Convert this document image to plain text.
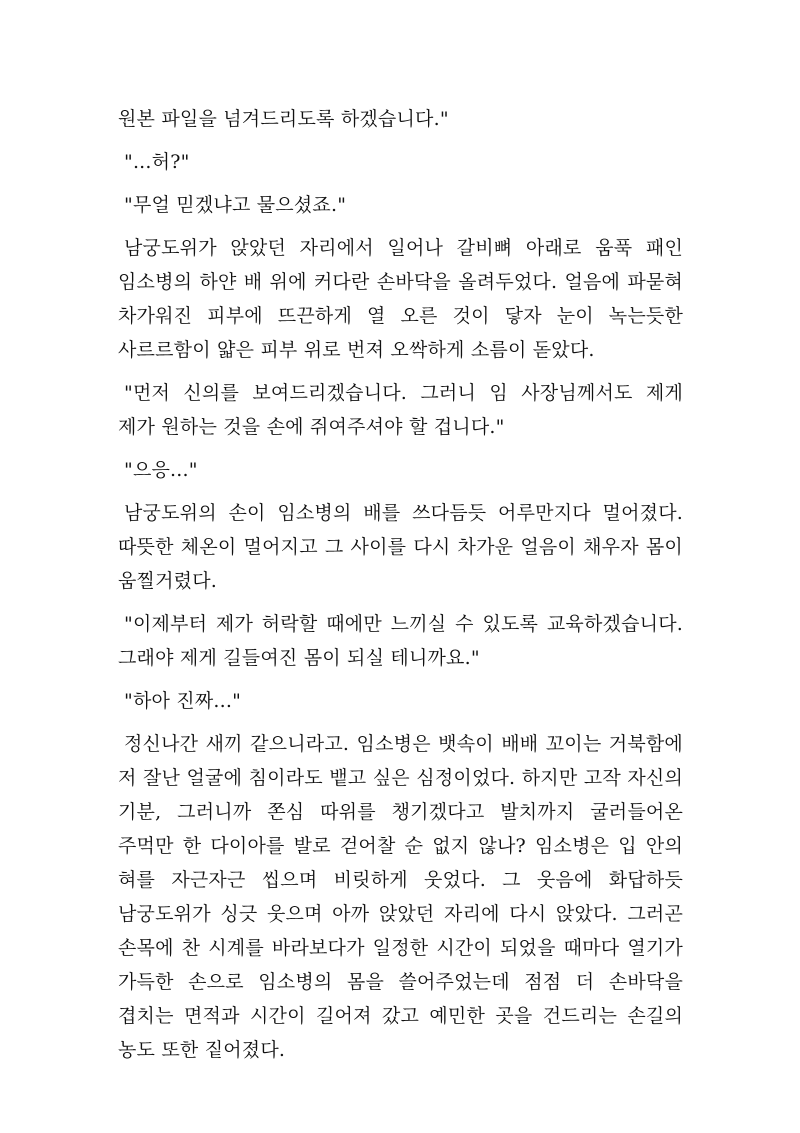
원본 파일을 넘겨드리도록 하겠습니다."

"...허?"

"무얼 믿겠냐고 물으셨죠."

남궁도위가 앉았던 자리에서 일어나 갈비뼈 아래로 움푹 패인 임소병의 하얀 배 위에 커다란 손바닥을 올려두었다. 얼음에 파묻혀 차가워진 피부에 뜨끈하게 열 오른 것이 닿자 눈이 녹는듯한 사르르함이 얇은 피부 위로 번져 오싹하게 소름이 돋았다.

"먼저 신의를 보여드리겠습니다. 그러니 임 사장님께서도 제게 제가 원하는 것을 손에 쥐여주셔야 할 겁니다."

"으응..."

남궁도위의 손이 임소병의 배를 쓰다듬듯 어루만지다 멀어졌다. 따뜻한 체온이 멀어지고 그 사이를 다시 차가운 얼음이 채우자 몸이 움찔거렸다.

"이제부터 제가 허락할 때에만 느끼실 수 있도록 교육하겠습니다. 그래야 제게 길들여진 몸이 되실 테니까요."

"하아 진짜..."

정신나간 새끼 같으니라고. 임소병은 뱃속이 배배 꼬이는 거북함에 저 잘난 얼굴에 침이라도 뱉고 싶은 심정이었다. 하지만 고작 자신의 기분, 그러니까 쫀심 따위를 챙기겠다고 발치까지 굴러들어온 주먹만 한 다이아를 발로 걷어찰 순 없지 않나? 임소병은 입 안의 혀를 자근자근 씹으며 비릿하게 웃었다. 그 웃음에 화답하듯 남궁도위가 싱긋 웃으며 아까 앉았던 자리에 다시 앉았다. 그러곤 손목에 찬 시계를 바라보다가 일정한 시간이 되었을 때마다 열기가 가득한 손으로 임소병의 몸을 쓸어주었는데 점점 더 손바닥을 겹치는 면적과 시간이 길어져 갔고 예민한 곳을 건드리는 손길의 농도 또한 짙어졌다.
